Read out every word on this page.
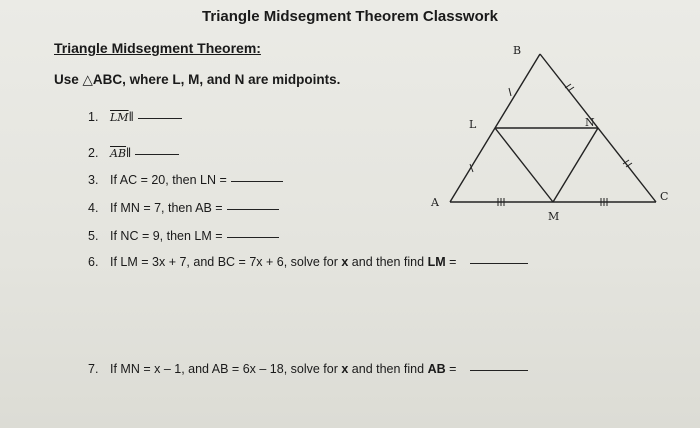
Triangle Midsegment Theorem Classwork
Triangle Midsegment Theorem:
Use △ABC, where L, M, and N are midpoints.
1.	$\overline{LM}$ ‖
2.	$\overline{AB}$ ‖
3. If AC = 20, then LN =
4. If MN = 7, then AB =
5. If NC = 9, then LM =
6. If LM = 3x + 7, and BC = 7x + 6, solve for x and then find LM =
7. If MN = x – 1, and AB = 6x – 18, solve for x and then find AB =
B
L	N
A	C
M
